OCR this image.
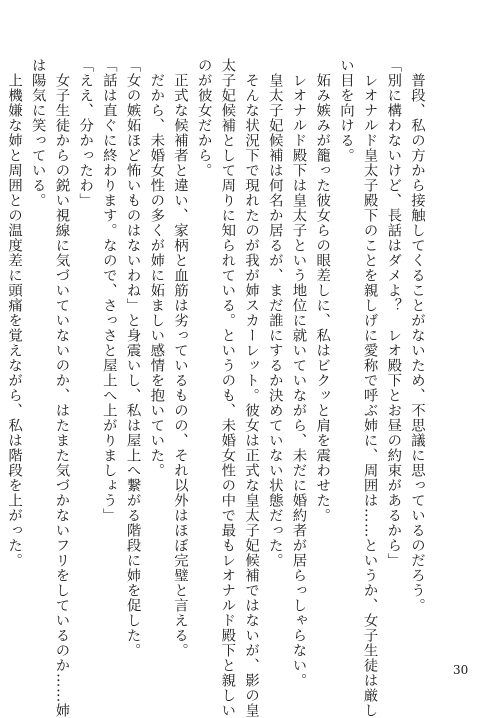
　普段、私の方から接触してくることがないため、不思議に思っているのだろう。
「別に構わないけど、長話はダメよ？　レオ殿下とお昼の約束があるから」
　レオナルド皇太子殿下のことを親しげに愛称で呼ぶ姉に、周囲は……というか、女子生徒は厳し
い目を向ける。
　妬み嫉みが籠った彼女らの眼差しに、私はビクッと肩を震わせた。
　レオナルド殿下は皇太子という地位に就いていながら、未だに婚約者が居らっしゃらない。
　皇太子妃候補は何名か居るが、まだ誰にするか決めていない状態だった。
　そんな状況下で現れたのが我が姉スカーレット。彼女は正式な皇太子妃候補ではないが、影の皇
太子妃候補として周りに知られている。というのも、未婚女性の中で最もレオナルド殿下と親しい
のが彼女だから。
　正式な候補者と違い、家柄と血筋は劣っているものの、それ以外はほぼ完璧と言える。
　だから、未婚女性の多くが姉に妬ましい感情を抱いていた。
「女の嫉妬ほど怖いものはないわね」と身震いし、私は屋上へ繋がる階段に姉を促した。
「話は直ぐに終わります。なので、さっさと屋上へ上がりましょう」
「ええ、分かったわ」
　女子生徒からの鋭い視線に気づいていないのか、はたまた気づかないフリをしているのか……姉
は陽気に笑っている。
　上機嫌な姉と周囲との温度差に頭痛を覚えながら、私は階段を上がった。
30
